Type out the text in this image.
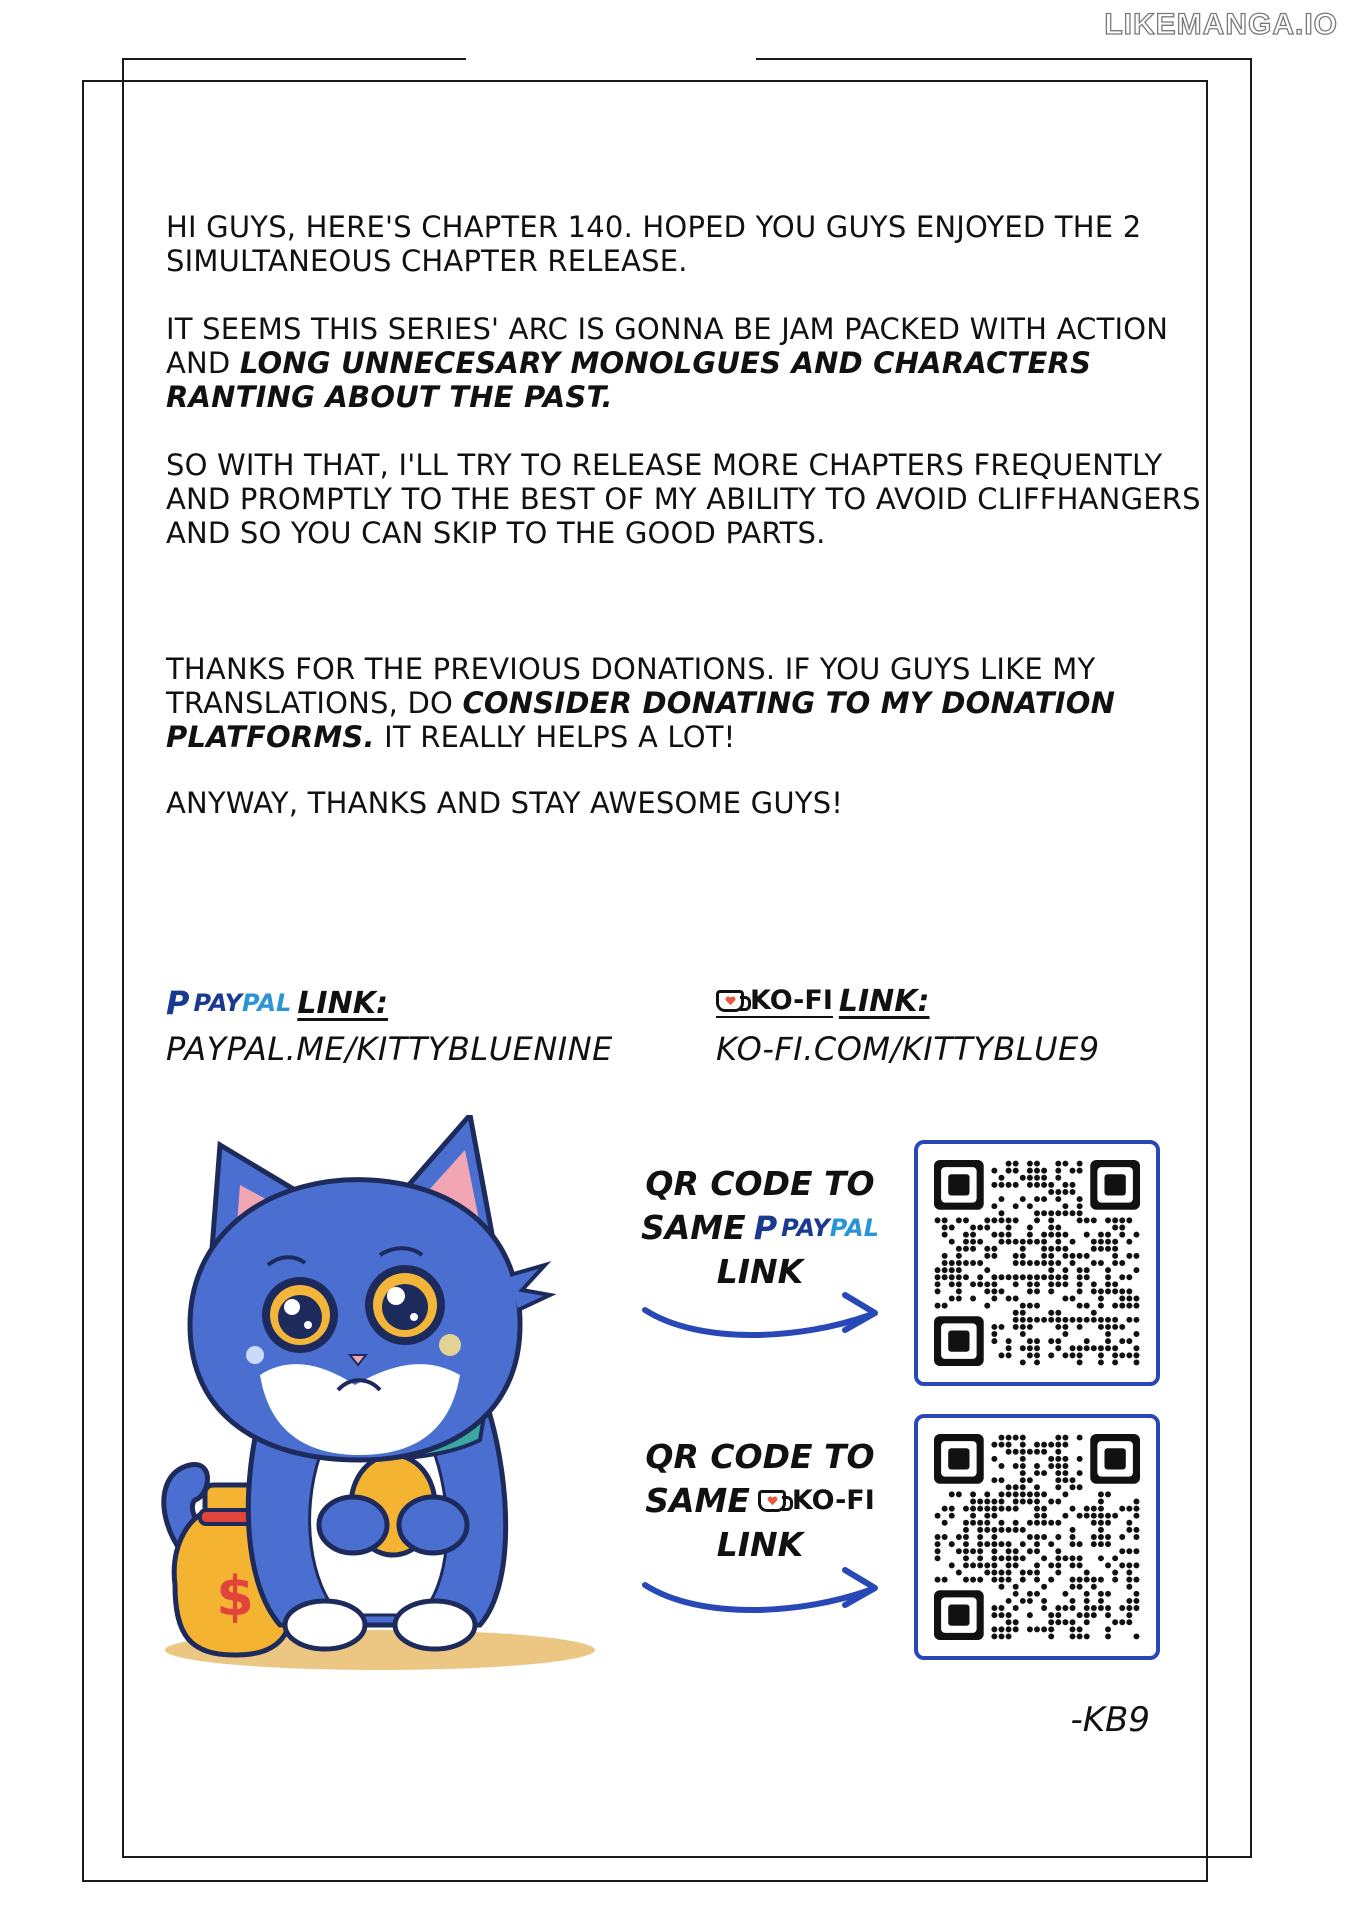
LIKEMANGA.IO

HI GUYS, HERE'S CHAPTER 140. HOPED YOU GUYS ENJOYED THE 2 SIMULTANEOUS CHAPTER RELEASE.

IT SEEMS THIS SERIES' ARC IS GONNA BE JAM PACKED WITH ACTION AND LONG UNNECESARY MONOLGUES AND CHARACTERS RANTING ABOUT THE PAST.

SO WITH THAT, I'LL TRY TO RELEASE MORE CHAPTERS FREQUENTLY AND PROMPTLY TO THE BEST OF MY ABILITY TO AVOID CLIFFHANGERS AND SO YOU CAN SKIP TO THE GOOD PARTS.

THANKS FOR THE PREVIOUS DONATIONS. IF YOU GUYS LIKE MY TRANSLATIONS, DO CONSIDER DONATING TO MY DONATION PLATFORMS. IT REALLY HELPS A LOT!

ANYWAY, THANKS AND STAY AWESOME GUYS!

P PAYPAL LINK:
PAYPAL.ME/KITTYBLUENINE
KO-FI LINK:
KO-FI.COM/KITTYBLUE9
$
QR CODE TO
SAME P PAYPAL
LINK
QR CODE TO
SAME KO-FI
LINK
-KB9
